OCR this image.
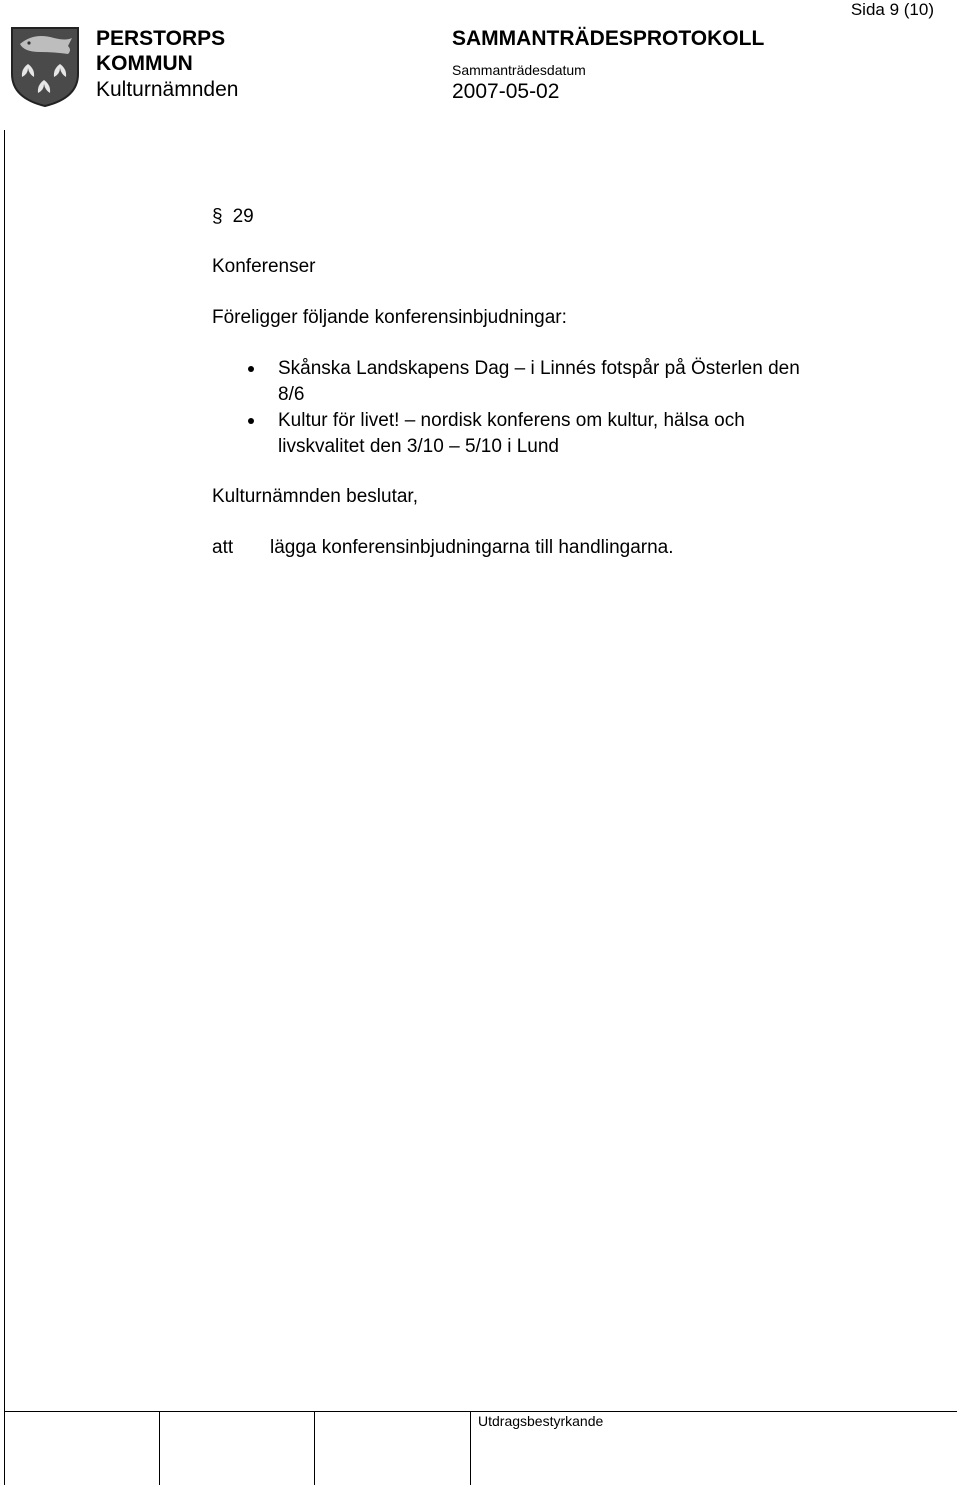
Sida 9 (10)
PERSTORPS
KOMMUN
Kulturnämnden
SAMMANTRÄDESPROTOKOLL
Sammanträdesdatum
2007-05-02
§ 29
Konferenser
Föreligger följande konferensinbjudningar:
Skånska Landskapens Dag – i Linnés fotspår på Österlen den
8/6
Kultur för livet! – nordisk konferens om kultur, hälsa och
livskvalitet den 3/10 – 5/10 i Lund
Kulturnämnden beslutar,
att lägga konferensinbjudningarna till handlingarna.
Utdragsbestyrkande
